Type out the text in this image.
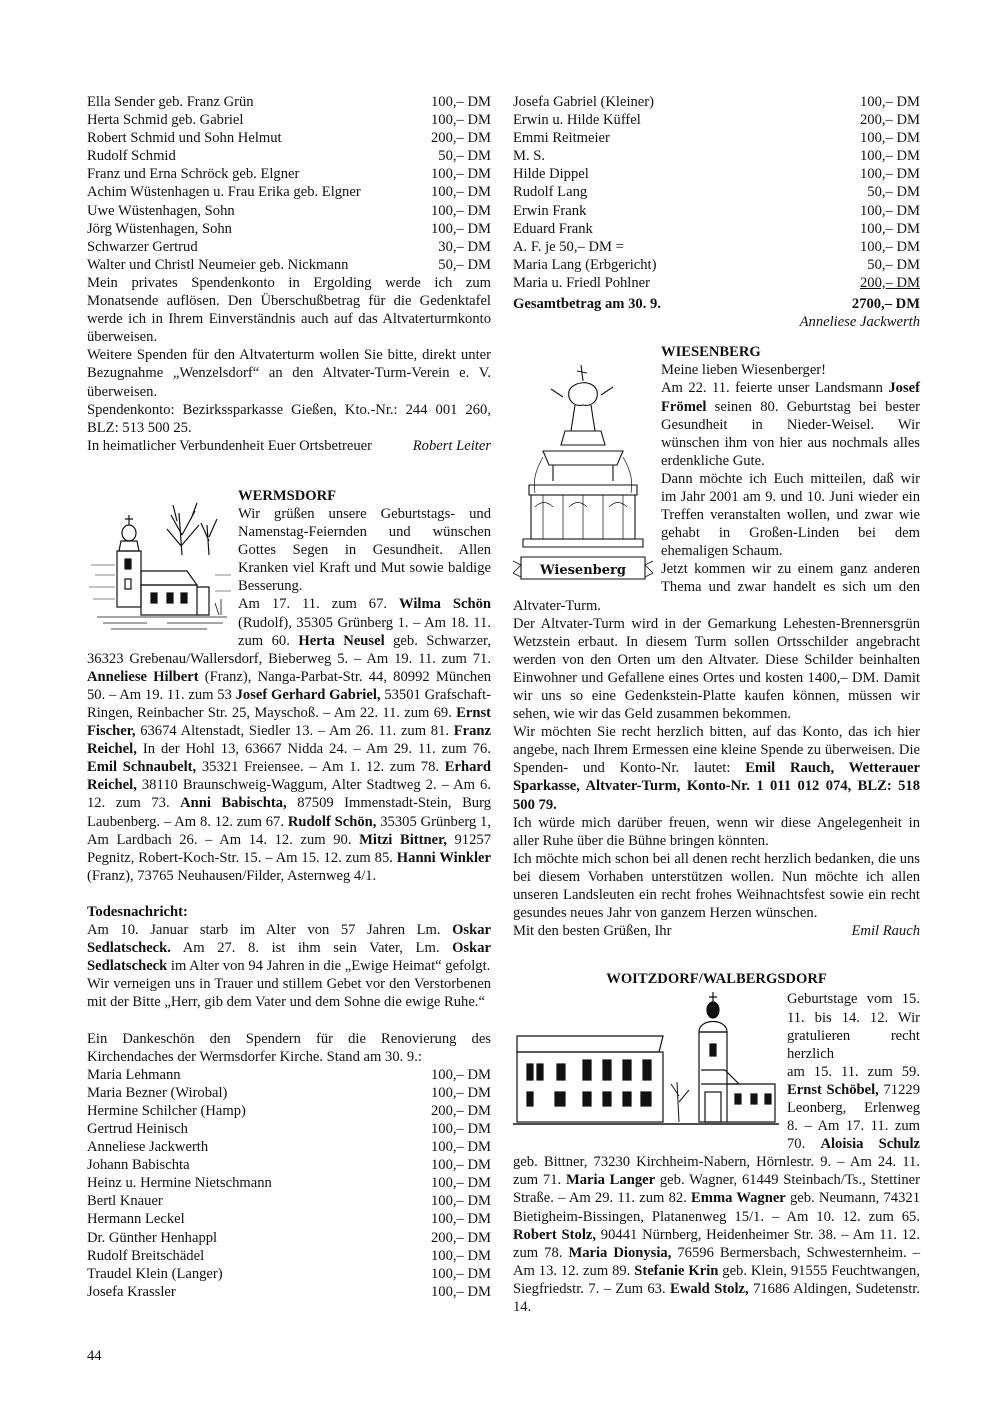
Ella Sender geb. Franz Grün	100,– DM
Herta Schmid geb. Gabriel	100,– DM
Robert Schmid und Sohn Helmut	200,– DM
Rudolf Schmid	50,– DM
Franz und Erna Schröck geb. Elgner	100,– DM
Achim Wüstenhagen u. Frau Erika geb. Elgner	100,– DM
Uwe Wüstenhagen, Sohn	100,– DM
Jörg Wüstenhagen, Sohn	100,– DM
Schwarzer Gertrud	30,– DM
Walter und Christl Neumeier geb. Nickmann	50,– DM
Mein privates Spendenkonto in Ergolding werde ich zum Monatsende auflösen. Den Überschußbetrag für die Gedenktafel werde ich in Ihrem Einverständnis auch auf das Altvaterturmkonto überweisen.
Weitere Spenden für den Altvaterturm wollen Sie bitte, direkt unter Bezugnahme „Wenzelsdorf“ an den Altvater-Turm-Verein e. V. überweisen.
Spendenkonto: Bezirkssparkasse Gießen, Kto.-Nr.: 244 001 260, BLZ: 513 500 25.
In heimatlicher Verbundenheit Euer Ortsbetreuer	Robert Leiter
WERMSDORF
Wir grüßen unsere Geburtstags- und Namenstag-Feiernden und wünschen Gottes Segen in Gesundheit. Allen Kranken viel Kraft und Mut sowie baldige Besserung.
Am 17. 11. zum 67. Wilma Schön (Rudolf), 35305 Grünberg 1. – Am 18. 11. zum 60. Herta Neusel geb. Schwarzer, 36323 Grebenau/Wallersdorf, Bieberweg 5. – Am 19. 11. zum 71. Anneliese Hilbert (Franz), Nanga-Parbat-Str. 44, 80992 München 50. – Am 19. 11. zum 53 Josef Gerhard Gabriel, 53501 Grafschaft-Ringen, Reinbacher Str. 25, Mayschoß. – Am 22. 11. zum 69. Ernst Fischer, 63674 Altenstadt, Siedler 13. – Am 26. 11. zum 81. Franz Reichel, In der Hohl 13, 63667 Nidda 24. – Am 29. 11. zum 76. Emil Schnaubelt, 35321 Freiensee. – Am 1. 12. zum 78. Erhard Reichel, 38110 Braunschweig-Waggum, Alter Stadtweg 2. – Am 6. 12. zum 73. Anni Babischta, 87509 Immenstadt-Stein, Burg Laubenberg. – Am 8. 12. zum 67. Rudolf Schön, 35305 Grünberg 1, Am Lardbach 26. – Am 14. 12. zum 90. Mitzi Bittner, 91257 Pegnitz, Robert-Koch-Str. 15. – Am 15. 12. zum 85. Hanni Winkler (Franz), 73765 Neuhausen/Filder, Asternweg 4/1.
Todesnachricht:
Am 10. Januar starb im Alter von 57 Jahren Lm. Oskar Sedlatscheck. Am 27. 8. ist ihm sein Vater, Lm. Oskar Sedlatscheck im Alter von 94 Jahren in die „Ewige Heimat“ gefolgt.
Wir verneigen uns in Trauer und stillem Gebet vor den Verstorbenen mit der Bitte „Herr, gib dem Vater und dem Sohne die ewige Ruhe.“
Ein Dankeschön den Spendern für die Renovierung des Kirchendaches der Wermsdorfer Kirche. Stand am 30. 9.:
Maria Lehmann	100,– DM
Maria Bezner (Wirobal)	100,– DM
Hermine Schilcher (Hamp)	200,– DM
Gertrud Heinisch	100,– DM
Anneliese Jackwerth	100,– DM
Johann Babischta	100,– DM
Heinz u. Hermine Nietschmann	100,– DM
Bertl Knauer	100,– DM
Hermann Leckel	100,– DM
Dr. Günther Henhappl	200,– DM
Rudolf Breitschädel	100,– DM
Traudel Klein (Langer)	100,– DM
Josefa Krassler	100,– DM
Josefa Gabriel (Kleiner)	100,– DM
Erwin u. Hilde Küffel	200,– DM
Emmi Reitmeier	100,– DM
M. S.	100,– DM
Hilde Dippel	100,– DM
Rudolf Lang	50,– DM
Erwin Frank	100,– DM
Eduard Frank	100,– DM
A. F. je 50,– DM =	100,– DM
Maria Lang (Erbgericht)	50,– DM
Maria u. Friedl Pohlner	200,– DM
Gesamtbetrag am 30. 9.	2700,– DM
Anneliese Jackwerth
Wiesenberg
WIESENBERG
Meine lieben Wiesenberger!
Am 22. 11. feierte unser Landsmann Josef Frömel seinen 80. Geburtstag bei bester Gesundheit in Nieder-Weisel. Wir wünschen ihm von hier aus nochmals alles erdenkliche Gute.
Dann möchte ich Euch mitteilen, daß wir im Jahr 2001 am 9. und 10. Juni wieder ein Treffen veranstalten wollen, und zwar wie gehabt in Großen-Linden bei dem ehemaligen Schaum.
Jetzt kommen wir zu einem ganz anderen Thema und zwar handelt es sich um den Altvater-Turm.
Der Altvater-Turm wird in der Gemarkung Lehesten-Brennersgrün Wetzstein erbaut. In diesem Turm sollen Ortsschilder angebracht werden von den Orten um den Altvater. Diese Schilder beinhalten Einwohner und Gefallene eines Ortes und kosten 1400,– DM. Damit wir uns so eine Gedenkstein-Platte kaufen können, müssen wir sehen, wie wir das Geld zusammen bekommen.
Wir möchten Sie recht herzlich bitten, auf das Konto, das ich hier angebe, nach Ihrem Ermessen eine kleine Spende zu überweisen. Die Spenden- und Konto-Nr. lautet: Emil Rauch, Wetterauer Sparkasse, Altvater-Turm, Konto-Nr. 1 011 012 074, BLZ: 518 500 79.
Ich würde mich darüber freuen, wenn wir diese Angelegenheit in aller Ruhe über die Bühne bringen könnten.
Ich möchte mich schon bei all denen recht herzlich bedanken, die uns bei diesem Vorhaben unterstützen wollen. Nun möchte ich allen unseren Landsleuten ein recht frohes Weihnachtsfest sowie ein recht gesundes neues Jahr von ganzem Herzen wünschen.
Mit den besten Grüßen, Ihr	Emil Rauch
WOITZDORF/WALBERGSDORF
Geburtstage vom 15. 11. bis 14. 12. Wir gratulieren recht herzlich
am 15. 11. zum 59. Ernst Schöbel, 71229 Leonberg, Erlenweg 8. – Am 17. 11. zum 70. Aloisia Schulz geb. Bittner, 73230 Kirchheim-Nabern, Hörnlestr. 9. – Am 24. 11. zum 71. Maria Langer geb. Wagner, 61449 Steinbach/Ts., Stettiner Straße. – Am 29. 11. zum 82. Emma Wagner geb. Neumann, 74321 Bietigheim-Bissingen, Platanenweg 15/1. – Am 10. 12. zum 65. Robert Stolz, 90441 Nürnberg, Heidenheimer Str. 38. – Am 11. 12. zum 78. Maria Dionysia, 76596 Bermersbach, Schwesternheim. – Am 13. 12. zum 89. Stefanie Krin geb. Klein, 91555 Feuchtwangen, Siegfriedstr. 7. – Zum 63. Ewald Stolz, 71686 Aldingen, Sudetenstr. 14.
44
